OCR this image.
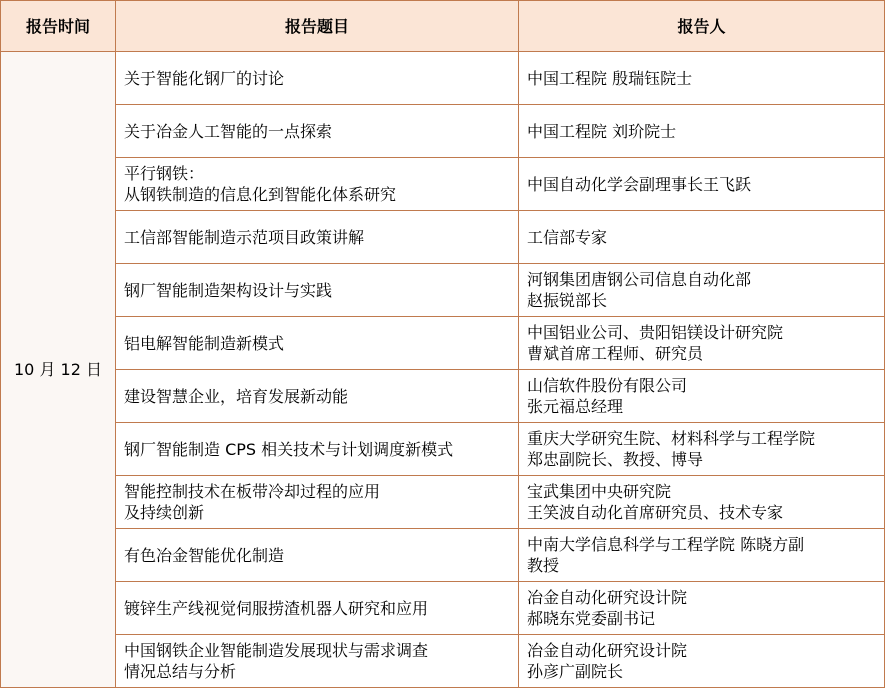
报告时间	报告题目	报告人
10 月 12 日	关于智能化钢厂的讨论	中国工程院 殷瑞钰院士

	关于冶金人工智能的一点探索	中国工程院 刘玠院士

	平行钢铁：
从钢铁制造的信息化到智能化体系研究	中国自动化学会副理事长王飞跃

	工信部智能制造示范项目政策讲解	工信部专家

	钢厂智能制造架构设计与实践	河钢集团唐钢公司信息自动化部
赵振锐部长

	铝电解智能制造新模式	中国铝业公司、贵阳铝镁设计研究院
曹斌首席工程师、研究员

	建设智慧企业，培育发展新动能	山信软件股份有限公司
张元福总经理

	钢厂智能制造 CPS 相关技术与计划调度新模式	重庆大学研究生院、材料科学与工程学院
郑忠副院长、教授、博导

	智能控制技术在板带冷却过程的应用
及持续创新	宝武集团中央研究院
王笑波自动化首席研究员、技术专家

	有色冶金智能优化制造	中南大学信息科学与工程学院 陈晓方副
教授

	镀锌生产线视觉伺服捞渣机器人研究和应用	冶金自动化研究设计院
郝晓东党委副书记

	中国钢铁企业智能制造发展现状与需求调查
情况总结与分析	冶金自动化研究设计院
孙彦广副院长
